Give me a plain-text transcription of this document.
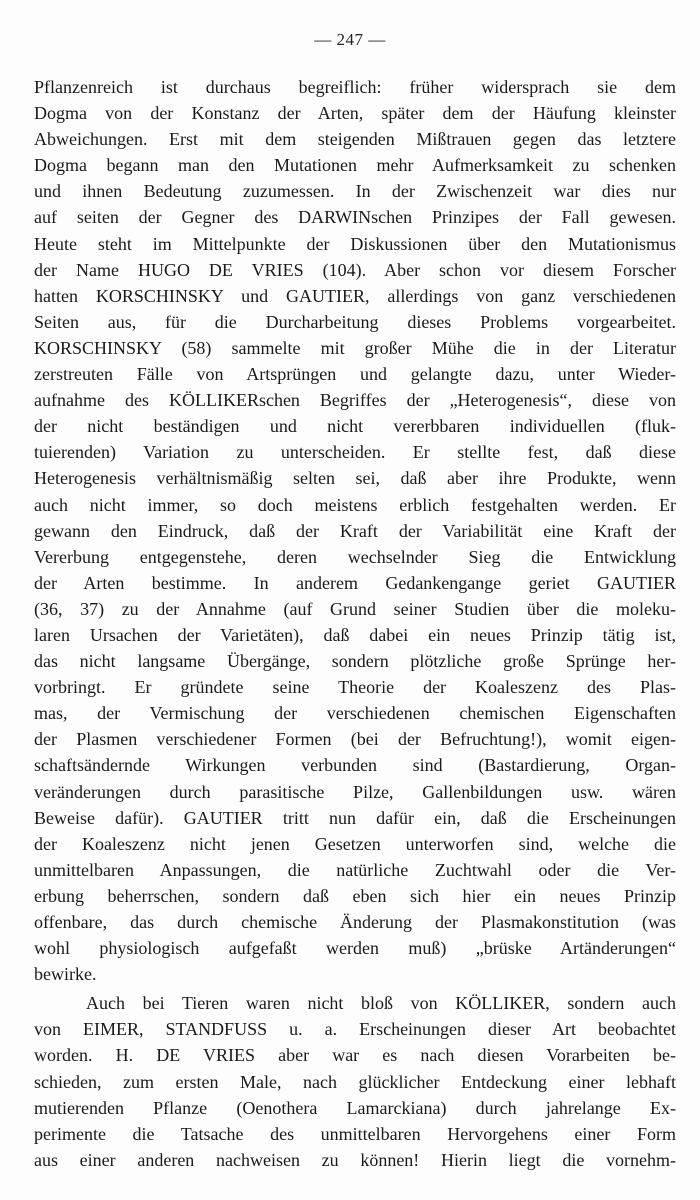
— 247 —
Pflanzenreich ist durchaus begreiflich: früher widersprach sie dem
Dogma von der Konstanz der Arten, später dem der Häufung kleinster
Abweichungen. Erst mit dem steigenden Mißtrauen gegen das letztere
Dogma begann man den Mutationen mehr Aufmerksamkeit zu schenken
und ihnen Bedeutung zuzumessen. In der Zwischenzeit war dies nur
auf seiten der Gegner des DARWINschen Prinzipes der Fall gewesen.
Heute steht im Mittelpunkte der Diskussionen über den Mutationismus
der Name HUGO DE VRIES (104). Aber schon vor diesem Forscher
hatten KORSCHINSKY und GAUTIER, allerdings von ganz verschiedenen
Seiten aus, für die Durcharbeitung dieses Problems vorgearbeitet.
KORSCHINSKY (58) sammelte mit großer Mühe die in der Literatur
zerstreuten Fälle von Artsprüngen und gelangte dazu, unter Wieder-
aufnahme des KÖLLIKERschen Begriffes der „Heterogenesis“, diese von
der nicht beständigen und nicht vererbbaren individuellen (fluk-
tuierenden) Variation zu unterscheiden. Er stellte fest, daß diese
Heterogenesis verhältnismäßig selten sei, daß aber ihre Produkte, wenn
auch nicht immer, so doch meistens erblich festgehalten werden. Er
gewann den Eindruck, daß der Kraft der Variabilität eine Kraft der
Vererbung entgegenstehe, deren wechselnder Sieg die Entwicklung
der Arten bestimme. In anderem Gedankengange geriet GAUTIER
(36, 37) zu der Annahme (auf Grund seiner Studien über die moleku-
laren Ursachen der Varietäten), daß dabei ein neues Prinzip tätig ist,
das nicht langsame Übergänge, sondern plötzliche große Sprünge her-
vorbringt. Er gründete seine Theorie der Koaleszenz des Plas-
mas, der Vermischung der verschiedenen chemischen Eigenschaften
der Plasmen verschiedener Formen (bei der Befruchtung!), womit eigen-
schaftsändernde Wirkungen verbunden sind (Bastardierung, Organ-
veränderungen durch parasitische Pilze, Gallenbildungen usw. wären
Beweise dafür). GAUTIER tritt nun dafür ein, daß die Erscheinungen
der Koaleszenz nicht jenen Gesetzen unterworfen sind, welche die
unmittelbaren Anpassungen, die natürliche Zuchtwahl oder die Ver-
erbung beherrschen, sondern daß eben sich hier ein neues Prinzip
offenbare, das durch chemische Änderung der Plasmakonstitution (was
wohl physiologisch aufgefaßt werden muß) „brüske Artänderungen“
bewirke.
Auch bei Tieren waren nicht bloß von KÖLLIKER, sondern auch
von EIMER, STANDFUSS u. a. Erscheinungen dieser Art beobachtet
worden. H. DE VRIES aber war es nach diesen Vorarbeiten be-
schieden, zum ersten Male, nach glücklicher Entdeckung einer lebhaft
mutierenden Pflanze (Oenothera Lamarckiana) durch jahrelange Ex-
perimente die Tatsache des unmittelbaren Hervorgehens einer Form
aus einer anderen nachweisen zu können! Hierin liegt die vornehm-
